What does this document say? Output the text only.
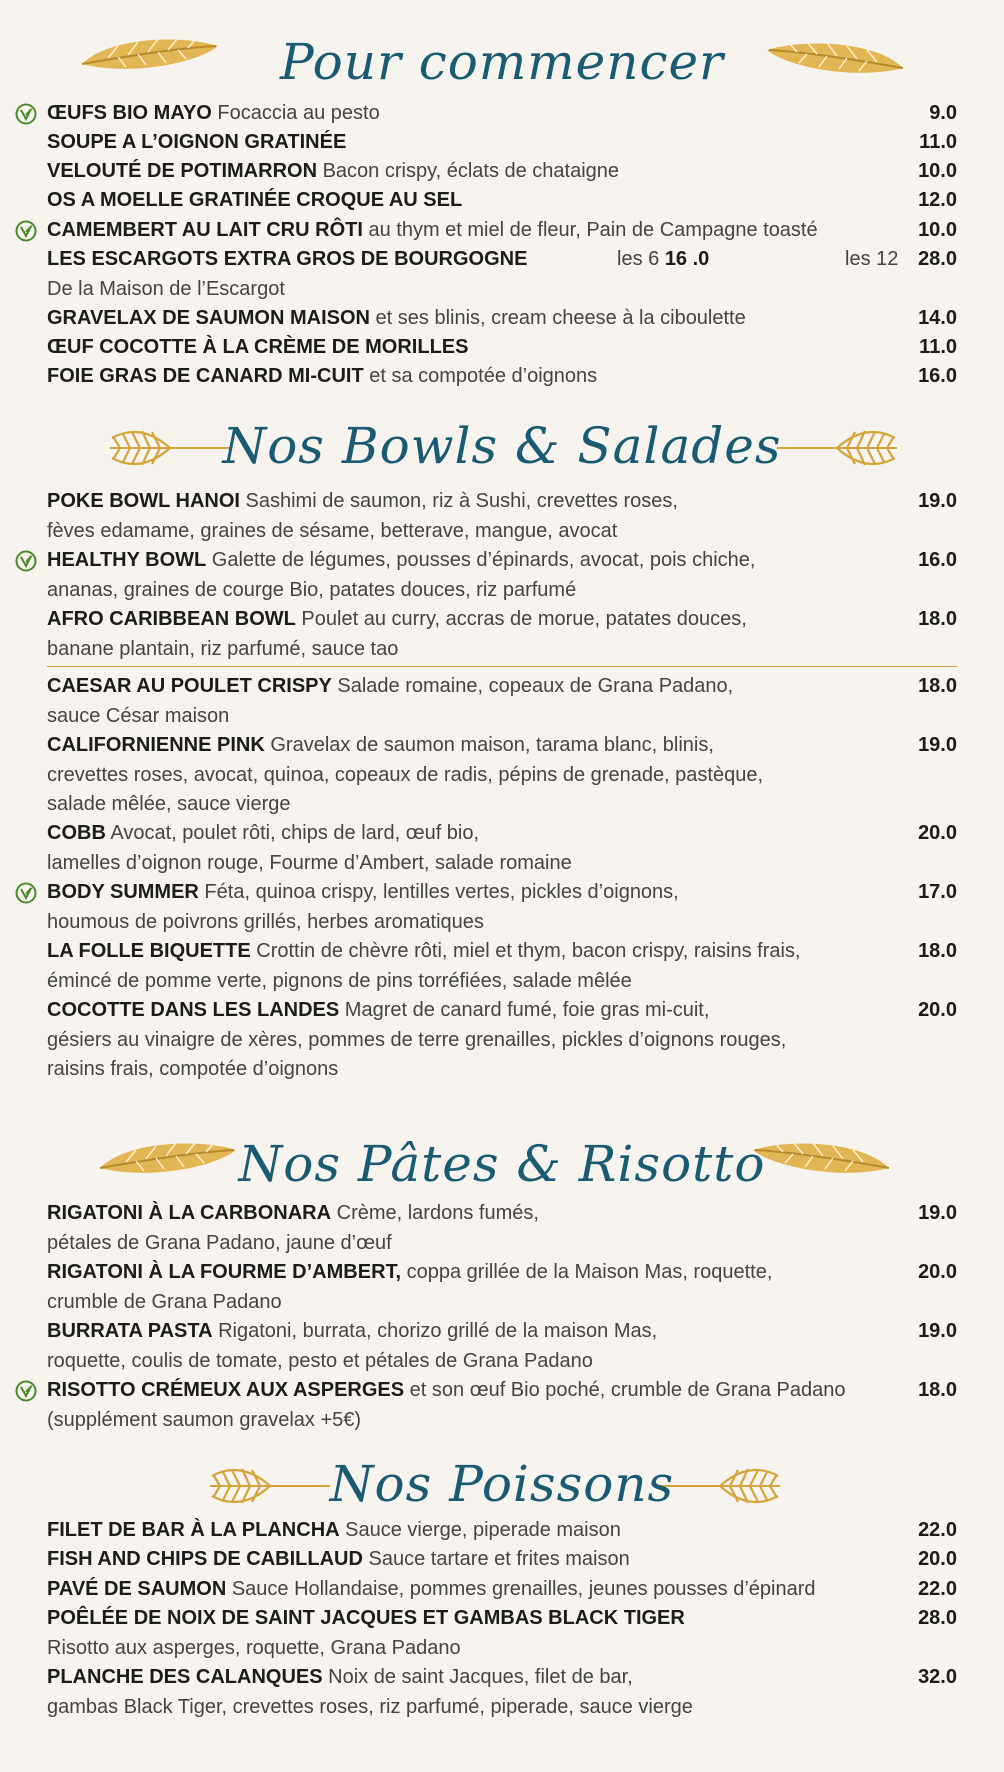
Pour commencer
Nos Bowls & Salades
Nos Pâtes & Risotto
Nos Poissons
ŒUFS BIO MAYO Focaccia au pesto	9.0
SOUPE A L’OIGNON GRATINÉE	11.0
VELOUTÉ DE POTIMARRON Bacon crispy, éclats de chataigne	10.0
OS A MOELLE GRATINÉE CROQUE AU SEL	12.0
CAMEMBERT AU LAIT CRU RÔTI au thym et miel de fleur, Pain de Campagne toasté	10.0
LES ESCARGOTS EXTRA GROS DE BOURGOGNE	les 6 16 .0	les 12 28.0
De la Maison de l’Escargot
GRAVELAX DE SAUMON MAISON et ses blinis, cream cheese à la ciboulette	14.0
ŒUF COCOTTE À LA CRÈME DE MORILLES	11.0
FOIE GRAS DE CANARD MI-CUIT et sa compotée d’oignons	16.0
POKE BOWL HANOI Sashimi de saumon, riz à Sushi, crevettes roses,	19.0
fèves edamame, graines de sésame, betterave, mangue, avocat
HEALTHY BOWL Galette de légumes, pousses d’épinards, avocat, pois chiche,	16.0
ananas, graines de courge Bio, patates douces, riz parfumé
AFRO CARIBBEAN BOWL Poulet au curry, accras de morue, patates douces,	18.0
banane plantain, riz parfumé, sauce tao
CAESAR AU POULET CRISPY Salade romaine, copeaux de Grana Padano,	18.0
sauce César maison
CALIFORNIENNE PINK Gravelax de saumon maison, tarama blanc, blinis,	19.0
crevettes roses, avocat, quinoa, copeaux de radis, pépins de grenade, pastèque,
salade mêlée, sauce vierge
COBB Avocat, poulet rôti, chips de lard, œuf bio,	20.0
lamelles d’oignon rouge, Fourme d’Ambert, salade romaine
BODY SUMMER Féta, quinoa crispy, lentilles vertes, pickles d’oignons,	17.0
houmous de poivrons grillés, herbes aromatiques
LA FOLLE BIQUETTE Crottin de chèvre rôti, miel et thym, bacon crispy, raisins frais,	18.0
émincé de pomme verte, pignons de pins torréfiées, salade mêlée
COCOTTE DANS LES LANDES Magret de canard fumé, foie gras mi-cuit,	20.0
gésiers au vinaigre de xères, pommes de terre grenailles, pickles d’oignons rouges,
raisins frais, compotée d’oignons
RIGATONI À LA CARBONARA Crème, lardons fumés,	19.0
pétales de Grana Padano, jaune d’œuf
RIGATONI À LA FOURME D’AMBERT, coppa grillée de la Maison Mas, roquette,	20.0
crumble de Grana Padano
BURRATA PASTA Rigatoni, burrata, chorizo grillé de la maison Mas,	19.0
roquette, coulis de tomate, pesto et pétales de Grana Padano
RISOTTO CRÉMEUX AUX ASPERGES et son œuf Bio poché, crumble de Grana Padano	18.0
(supplément saumon gravelax +5€)
FILET DE BAR À LA PLANCHA Sauce vierge, piperade maison	22.0
FISH AND CHIPS DE CABILLAUD Sauce tartare et frites maison	20.0
PAVÉ DE SAUMON Sauce Hollandaise, pommes grenailles, jeunes pousses d’épinard	22.0
POÊLÉE DE NOIX DE SAINT JACQUES ET GAMBAS BLACK TIGER	28.0
Risotto aux asperges, roquette, Grana Padano
PLANCHE DES CALANQUES Noix de saint Jacques, filet de bar,	32.0
gambas Black Tiger, crevettes roses, riz parfumé, piperade, sauce vierge
